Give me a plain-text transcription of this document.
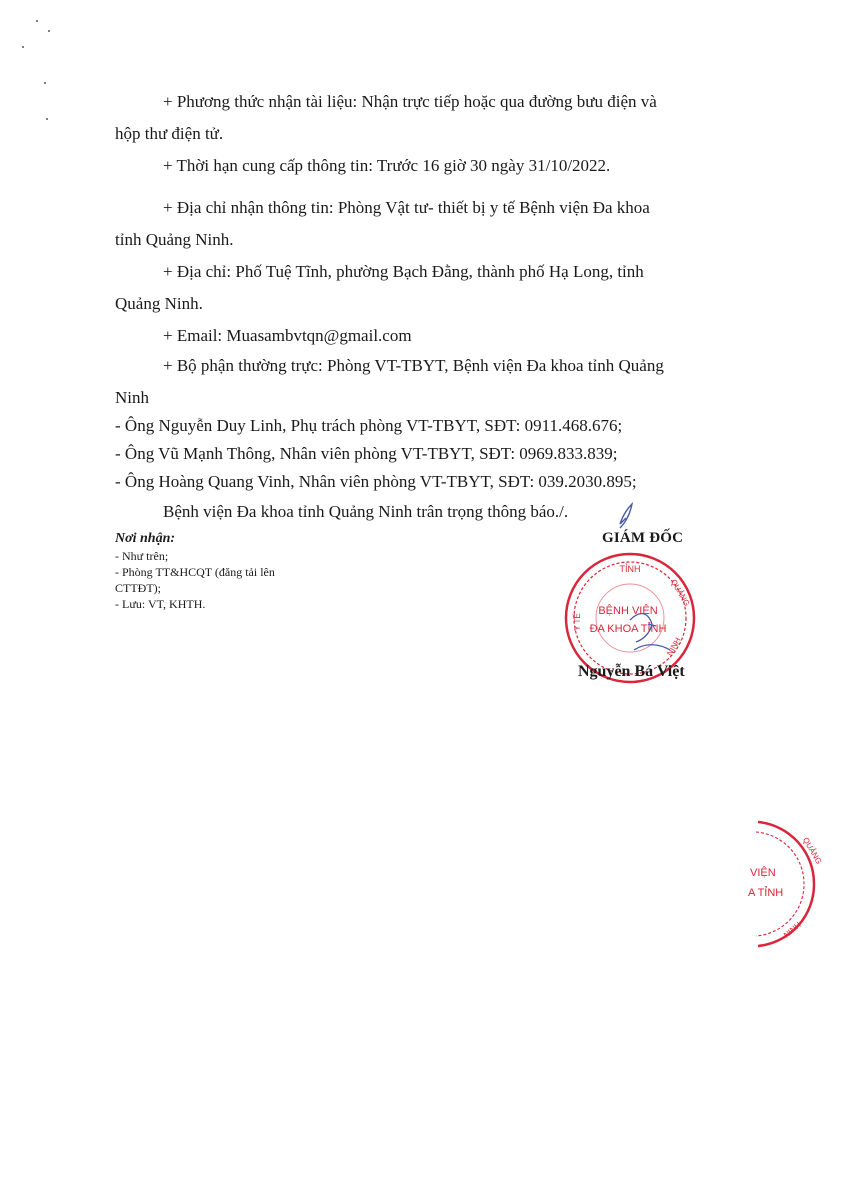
+ Phương thức nhận tài liệu: Nhận trực tiếp hoặc qua đường bưu điện và
hộp thư điện tử.
+ Thời hạn cung cấp thông tin: Trước 16 giờ 30 ngày 31/10/2022.
+ Địa chỉ nhận thông tin: Phòng Vật tư- thiết bị y tế Bệnh viện Đa khoa
tỉnh Quảng Ninh.
+ Địa chỉ: Phố Tuệ Tĩnh, phường Bạch Đằng, thành phố Hạ Long, tỉnh
Quảng Ninh.
+ Email: Muasambvtqn@gmail.com
+ Bộ phận thường trực: Phòng VT-TBYT, Bệnh viện Đa khoa tỉnh Quảng
Ninh
- Ông Nguyễn Duy Linh, Phụ trách phòng VT-TBYT, SĐT: 0911.468.676;
- Ông Vũ Mạnh Thông, Nhân viên phòng VT-TBYT, SĐT: 0969.833.839;
- Ông Hoàng Quang Vinh, Nhân viên phòng VT-TBYT, SĐT: 039.2030.895;
Bệnh viện Đa khoa tỉnh Quảng Ninh trân trọng thông báo./.
Nơi nhận:
- Như trên;
- Phòng TT&HCQT (đăng tải lên
CTTĐT);
- Lưu: VT, KHTH.
GIÁM ĐỐC
TỈNH
QUẢNG
NINH
Y TẾ
BỆNH VIỆN
ĐA KHOA TỈNH
Nguyễn Bá Việt
QUẢNG
NINH
VIỆN
A TỈNH
